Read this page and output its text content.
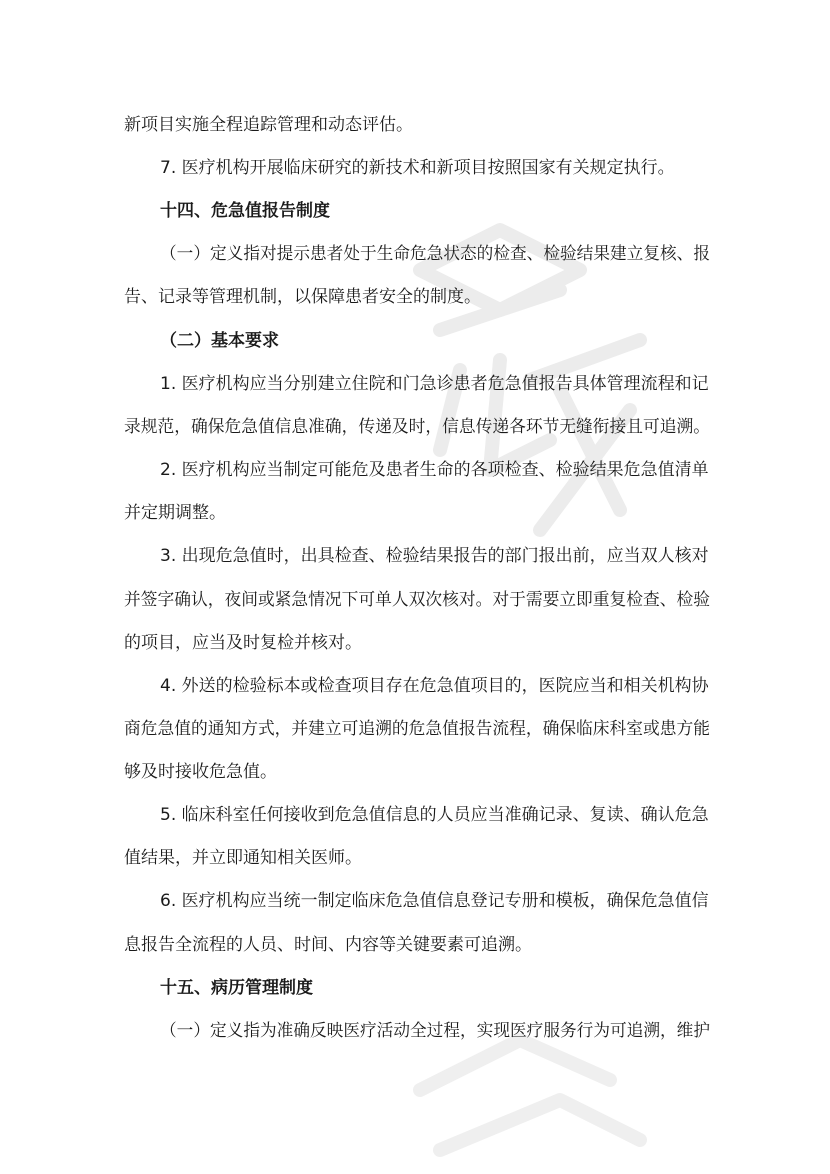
新项目实施全程追踪管理和动态评估。
7. 医疗机构开展临床研究的新技术和新项目按照国家有关规定执行。
十四、危急值报告制度
（一）定义指对提示患者处于生命危急状态的检查、检验结果建立复核、报
告、记录等管理机制，以保障患者安全的制度。
（二）基本要求
1. 医疗机构应当分别建立住院和门急诊患者危急值报告具体管理流程和记
录规范，确保危急值信息准确，传递及时，信息传递各环节无缝衔接且可追溯。
2. 医疗机构应当制定可能危及患者生命的各项检查、检验结果危急值清单
并定期调整。
3. 出现危急值时，出具检查、检验结果报告的部门报出前，应当双人核对
并签字确认，夜间或紧急情况下可单人双次核对。对于需要立即重复检查、检验
的项目，应当及时复检并核对。
4. 外送的检验标本或检查项目存在危急值项目的，医院应当和相关机构协
商危急值的通知方式，并建立可追溯的危急值报告流程，确保临床科室或患方能
够及时接收危急值。
5. 临床科室任何接收到危急值信息的人员应当准确记录、复读、确认危急
值结果，并立即通知相关医师。
6. 医疗机构应当统一制定临床危急值信息登记专册和模板，确保危急值信
息报告全流程的人员、时间、内容等关键要素可追溯。
十五、病历管理制度
（一）定义指为准确反映医疗活动全过程，实现医疗服务行为可追溯，维护
